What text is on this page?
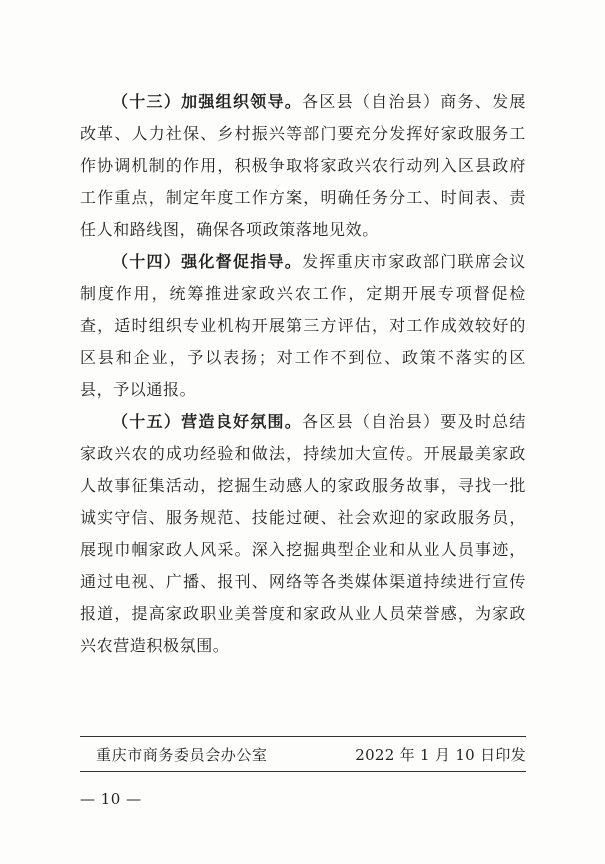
（十三）加强组织领导。各区县（自治县）商务、发展改革、人力社保、乡村振兴等部门要充分发挥好家政服务工作协调机制的作用，积极争取将家政兴农行动列入区县政府工作重点，制定年度工作方案，明确任务分工、时间表、责任人和路线图，确保各项政策落地见效。

（十四）强化督促指导。发挥重庆市家政部门联席会议制度作用，统筹推进家政兴农工作，定期开展专项督促检查，适时组织专业机构开展第三方评估，对工作成效较好的区县和企业，予以表扬；对工作不到位、政策不落实的区县，予以通报。

（十五）营造良好氛围。各区县（自治县）要及时总结家政兴农的成功经验和做法，持续加大宣传。开展最美家政人故事征集活动，挖掘生动感人的家政服务故事，寻找一批诚实守信、服务规范、技能过硬、社会欢迎的家政服务员，展现巾帼家政人风采。深入挖掘典型企业和从业人员事迹，通过电视、广播、报刊、网络等各类媒体渠道持续进行宣传报道，提高家政职业美誉度和家政从业人员荣誉感，为家政兴农营造积极氛围。

重庆市商务委员会办公室	2022 年 1 月 10 日印发
— 10 —
